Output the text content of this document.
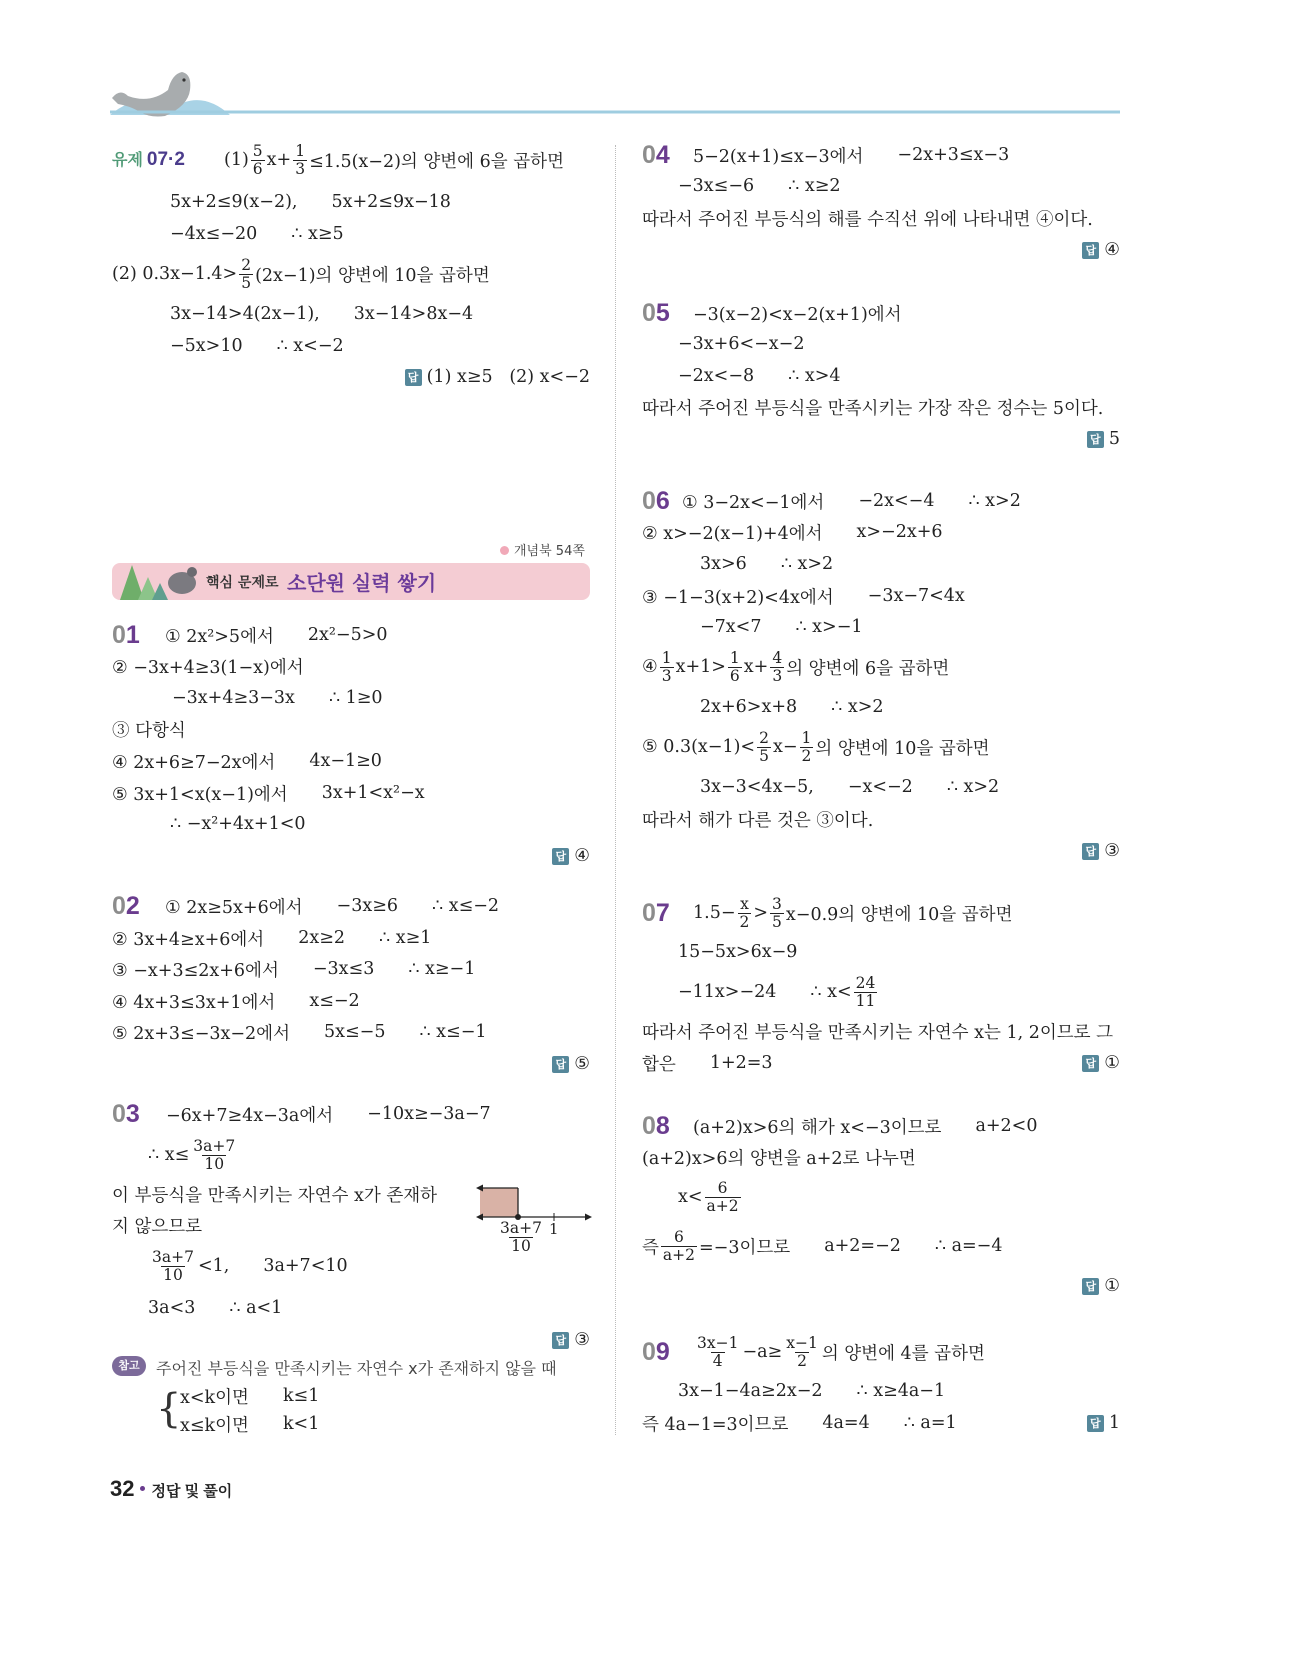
유제 07·2 $(1) \frac{5}{6} x+ \frac{1}{3} \le 1.5(x-2)$의 양변에 6을 곱하면
5x+2≤9(x−2), 5x+2≤9x−18
−4x≤−20 ∴ x≥5
(2) $0.3x-1.4> \frac{2}{5} (2x-1)$의 양변에 10을 곱하면
3x−14>4(2x−1), 3x−14>8x−4
−5x>10 ∴ x<−2
답 (1) x≥5   (2) x<−2
개념북 54쪽
핵심 문제로 소단원 실력 쌓기
01 ① 2x²>5에서 2x²−5>0
② −3x+4≥3(1−x)에서
−3x+4≥3−3x ∴ 1≥0
③ 다항식
④ 2x+6≥7−2x에서 4x−1≥0
⑤ 3x+1<x(x−1)에서 3x+1<x²−x
∴ −x²+4x+1<0
답 ④
02 ① 2x≥5x+6에서 −3x≥6 ∴ x≤−2
② 3x+4≥x+6에서 2x≥2 ∴ x≥1
③ −x+3≤2x+6에서 −3x≤3 ∴ x≥−1
④ 4x+3≤3x+1에서 x≤−2
⑤ 2x+3≤−3x−2에서 5x≤−5 ∴ x≤−1
답 ⑤
03 −6x+7≥4x−3a에서 −10x≥−3a−7
∴ $x\le \frac{3a+7}{10}$
이 부등식을 만족시키는 자연수 x가 존재하
지 않으므로
$\frac{3a+7}{10} <1$, 3a+7<10
3a<3 ∴ a<1
$\frac{3a+7}{10} 1$
답 ③
참고	주어진 부등식을 만족시키는 자연수 x가 존재하지 않을 때
{
x<k이면 k≤1
x≤k이면 k<1
04 5−2(x+1)≤x−3에서 −2x+3≤x−3
−3x≤−6 ∴ x≥2
따라서 주어진 부등식의 해를 수직선 위에 나타내면 ④이다.
답 ④
05 −3(x−2)<x−2(x+1)에서
−3x+6<−x−2
−2x<−8 ∴ x>4
따라서 주어진 부등식을 만족시키는 가장 작은 정수는 5이다.
답 5
06 ① 3−2x<−1에서 −2x<−4 ∴ x>2
② x>−2(x−1)+4에서 x>−2x+6
3x>6 ∴ x>2
③ −1−3(x+2)<4x에서 −3x−7<4x
−7x<7 ∴ x>−1
④ $\frac{1}{3} x+1> \frac{1}{6} x+ \frac{4}{3}$ 의 양변에 6을 곱하면
2x+6>x+8 ∴ x>2
⑤ $0.3(x-1)< \frac{2}{5} x- \frac{1}{2}$ 의 양변에 10을 곱하면
3x−3<4x−5, −x<−2 ∴ x>2
따라서 해가 다른 것은 ③이다.
답 ③
07 $1.5- \frac{x}{2} > \frac{3}{5} x-0.9$의 양변에 10을 곱하면
15−5x>6x−9
−11x>−24 ∴ $x< \frac{24}{11}$
따라서 주어진 부등식을 만족시키는 자연수 x는 1, 2이므로 그
합은 1+2=3	답 ①
08 (a+2)x>6의 해가 x<−3이므로 a+2<0
(a+2)x>6의 양변을 a+2로 나누면
$x< \frac{6}{a+2}$
즉 $\frac{6}{a+2} =-3$이므로 a+2=−2 ∴ a=−4
답 ①
$09 \frac{3x-1}{4} -a\ge \frac{x-1}{2}$ 의 양변에 4를 곱하면
3x−1−4a≥2x−2 ∴ x≥4a−1
즉 4a−1=3이므로 4a=4 ∴ a=1	답 1
32 정답 및 풀이
